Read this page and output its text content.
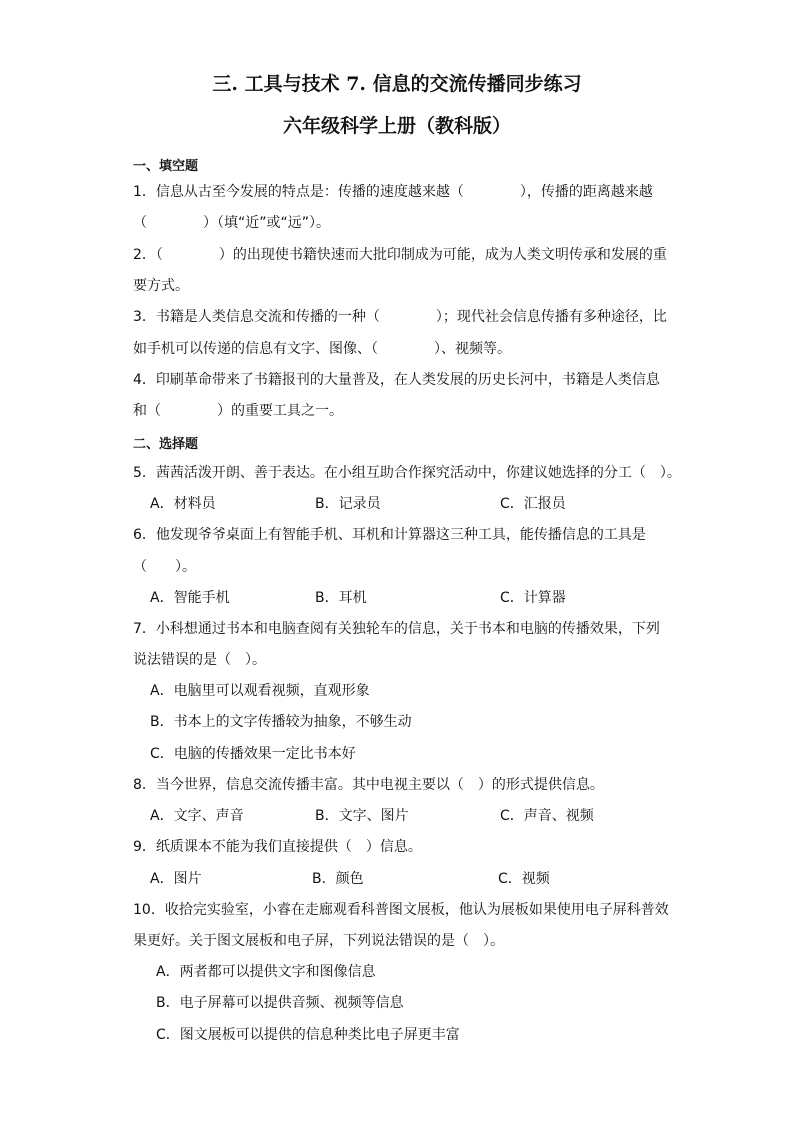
三. 工具与技术 7. 信息的交流传播同步练习
六年级科学上册（教科版）
一、填空题
1．信息从古至今发展的特点是：传播的速度越来越（　　　　），传播的距离越来越
（　　　　）（填“近”或“远”）。
2．（　　　　）的出现使书籍快速而大批印制成为可能，成为人类文明传承和发展的重
要方式。
3．书籍是人类信息交流和传播的一种（　　　　）；现代社会信息传播有多种途径，比
如手机可以传递的信息有文字、图像、（　　　　）、视频等。
4．印刷革命带来了书籍报刊的大量普及，在人类发展的历史长河中，书籍是人类信息
和（　　　　）的重要工具之一。
二、选择题
5．茜茜活泼开朗、善于表达。在小组互助合作探究活动中，你建议她选择的分工（　）。
A．材料员	B．记录员	C．汇报员
6．他发现爷爷桌面上有智能手机、耳机和计算器这三种工具，能传播信息的工具是
（　　）。
A．智能手机	B．耳机	C．计算器
7．小科想通过书本和电脑查阅有关独轮车的信息，关于书本和电脑的传播效果，下列
说法错误的是（　）。
A．电脑里可以观看视频，直观形象
B．书本上的文字传播较为抽象，不够生动
C．电脑的传播效果一定比书本好
8．当今世界，信息交流传播丰富。其中电视主要以（　）的形式提供信息。
A．文字、声音	B．文字、图片	C．声音、视频
9．纸质课本不能为我们直接提供（　）信息。
A．图片	B．颜色	C．视频
10．收拾完实验室，小睿在走廊观看科普图文展板，他认为展板如果使用电子屏科普效
果更好。关于图文展板和电子屏，下列说法错误的是（　）。
A．两者都可以提供文字和图像信息
B．电子屏幕可以提供音频、视频等信息
C．图文展板可以提供的信息种类比电子屏更丰富
